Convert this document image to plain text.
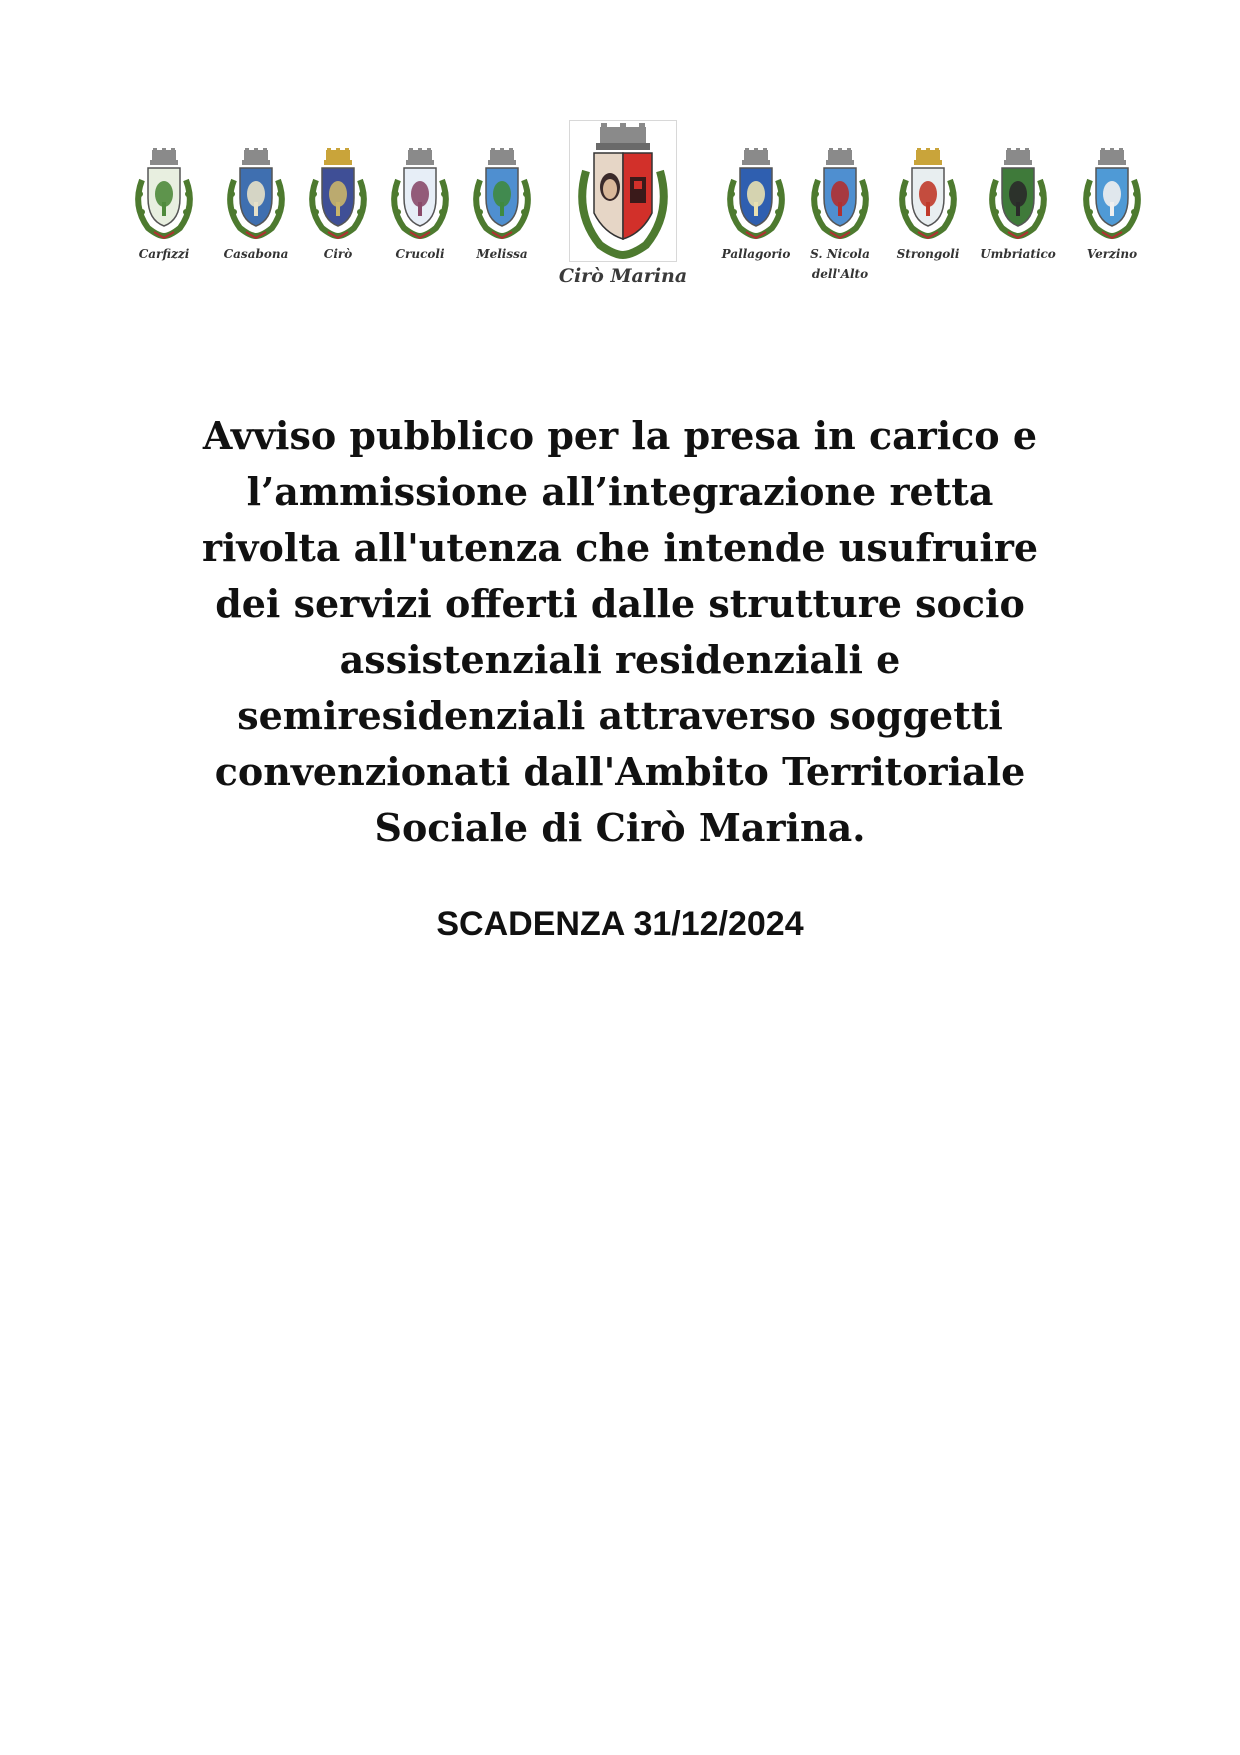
Carfizzi	Casabona	Cirò	Crucoli	Melissa	Pallagorio S. Nicola
dell'Alto
Strongoli Umbriatico	Verzino
Cirò Marina

Avviso pubblico per la presa in carico e

l’ammissione all’integrazione retta

rivolta all'utenza che intende usufruire

dei servizi offerti dalle strutture socio

assistenziali residenziali e

semiresidenziali attraverso soggetti

convenzionati dall'Ambito Territoriale

Sociale di Cirò Marina.

SCADENZA 31/12/2024
